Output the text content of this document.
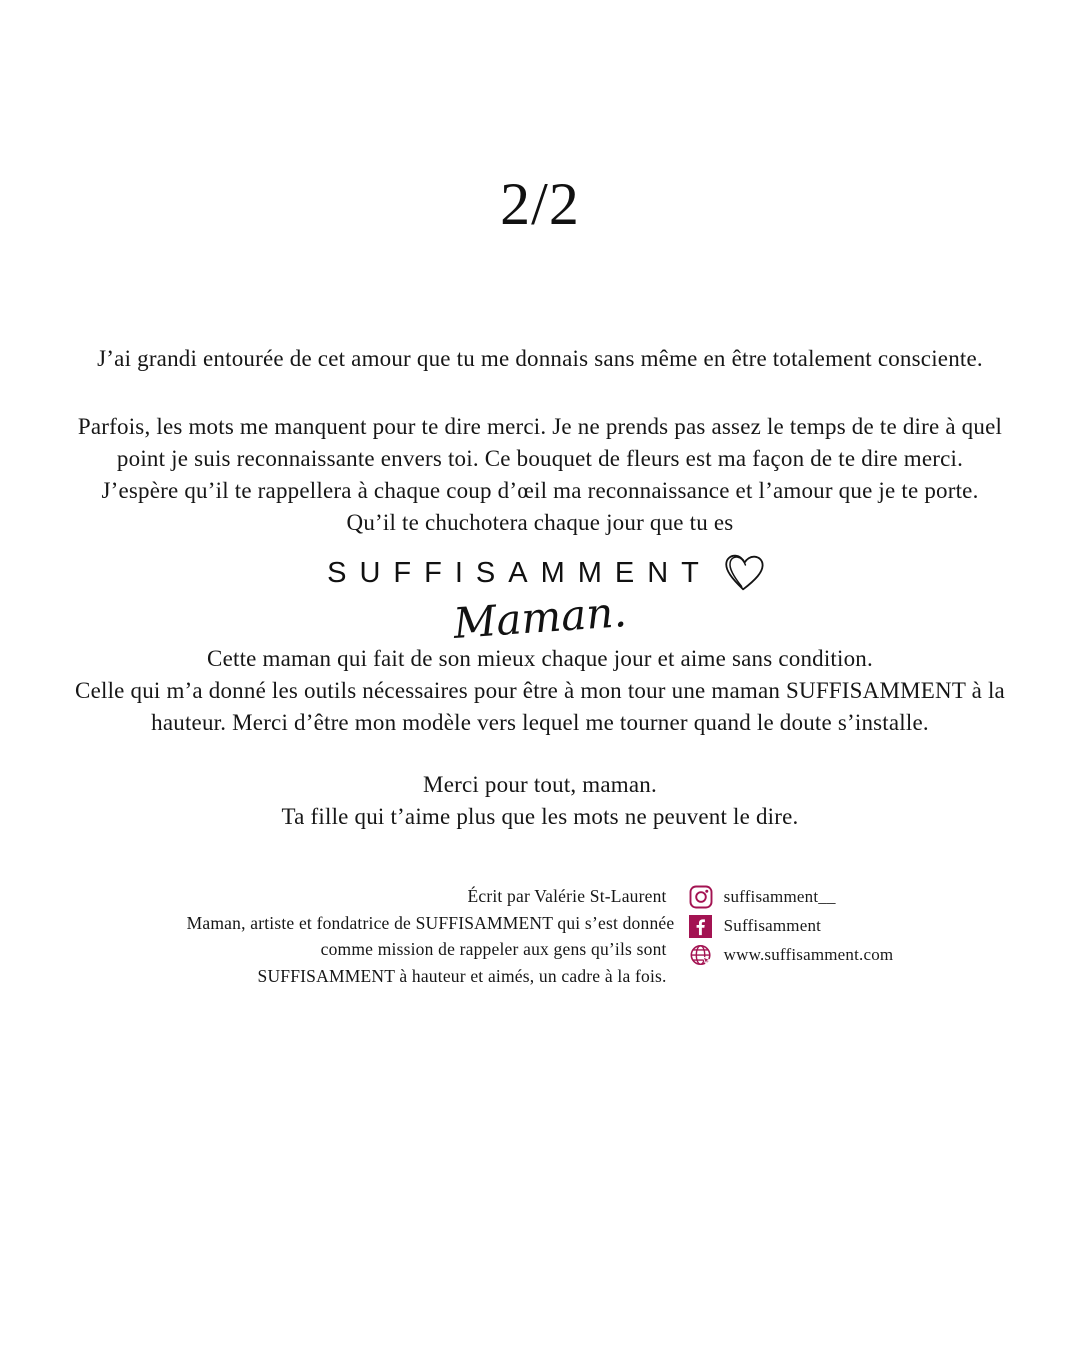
2/2
J’ai grandi entourée de cet amour que tu me donnais sans même en être totalement consciente.
Parfois, les mots me manquent pour te dire merci. Je ne prends pas assez le temps de te dire à quel
point je suis reconnaissante envers toi. Ce bouquet de fleurs est ma façon de te dire merci.
J’espère qu’il te rappellera à chaque coup d’œil ma reconnaissance et l’amour que je te porte.
Qu’il te chuchotera chaque jour que tu es
SUFFISAMMENT
Maman.
Cette maman qui fait de son mieux chaque jour et aime sans condition.
Celle qui m’a donné les outils nécessaires pour être à mon tour une maman SUFFISAMMENT à la
hauteur. Merci d’être mon modèle vers lequel me tourner quand le doute s’installe.
Merci pour tout, maman.
Ta fille qui t’aime plus que les mots ne peuvent le dire.
Écrit par Valérie St-Laurent
Maman, artiste et fondatrice de SUFFISAMMENT qui s’est donnée
comme mission de rappeler aux gens qu’ils sont
SUFFISAMMENT à hauteur et aimés, un cadre à la fois.
suffisamment__
Suffisamment
www.suffisamment.com
